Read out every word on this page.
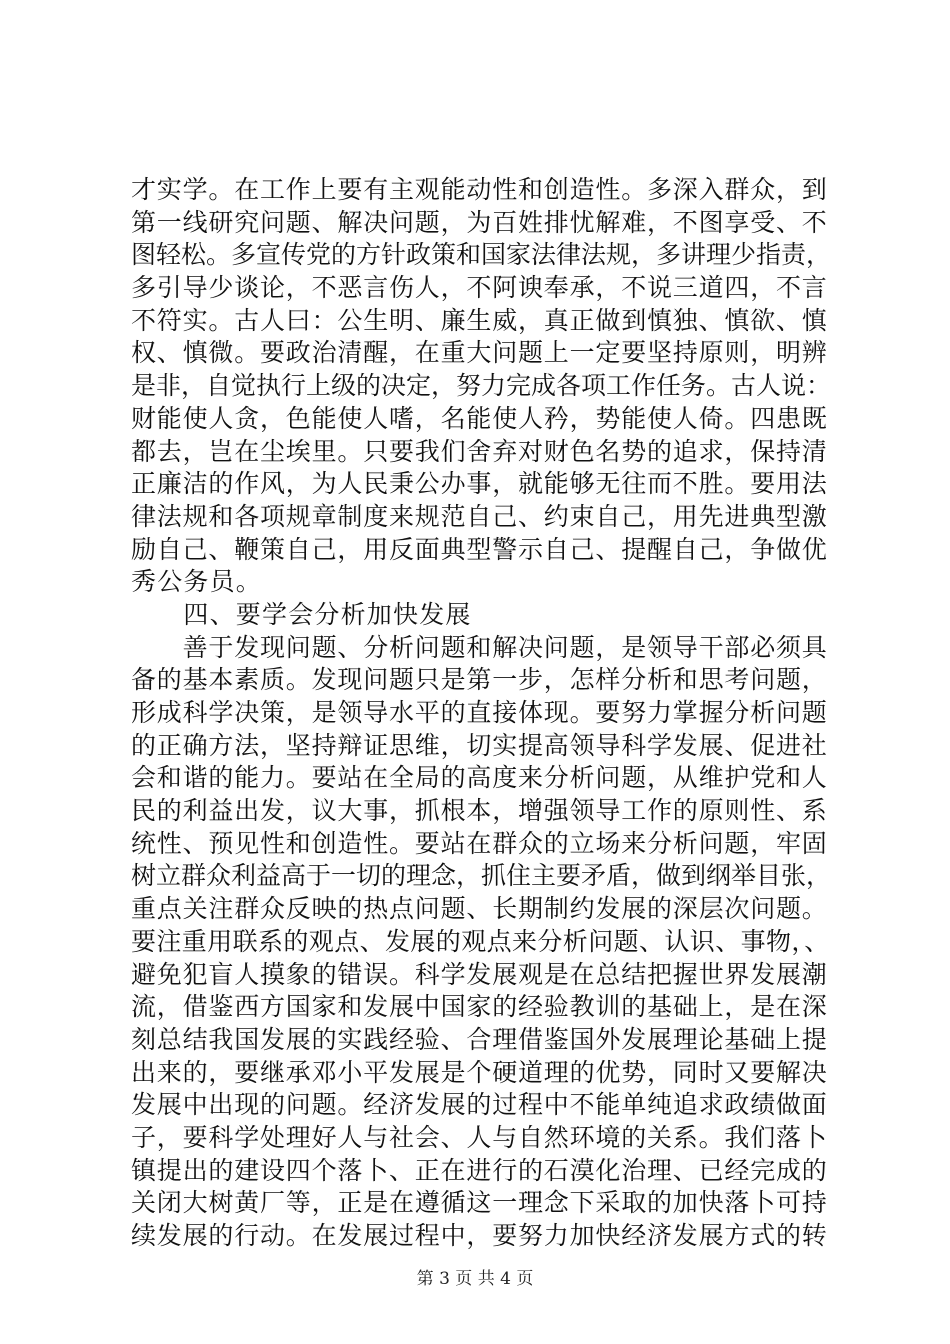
才实学。在工作上要有主观能动性和创造性。多深入群众，到
第一线研究问题、解决问题，为百姓排忧解难，不图享受、不
图轻松。多宣传党的方针政策和国家法律法规，多讲理少指责，
多引导少谈论，不恶言伤人，不阿谀奉承，不说三道四，不言
不符实。古人曰：公生明、廉生威，真正做到慎独、慎欲、慎
权、慎微。要政治清醒，在重大问题上一定要坚持原则，明辨
是非，自觉执行上级的决定，努力完成各项工作任务。古人说：
财能使人贪，色能使人嗜，名能使人矜，势能使人倚。四患既
都去，岂在尘埃里。只要我们舍弃对财色名势的追求，保持清
正廉洁的作风，为人民秉公办事，就能够无往而不胜。要用法
律法规和各项规章制度来规范自己、约束自己，用先进典型激
励自己、鞭策自己，用反面典型警示自己、提醒自己，争做优
秀公务员。
　　四、要学会分析加快发展
　　善于发现问题、分析问题和解决问题，是领导干部必须具
备的基本素质。发现问题只是第一步，怎样分析和思考问题，
形成科学决策，是领导水平的直接体现。要努力掌握分析问题
的正确方法，坚持辩证思维，切实提高领导科学发展、促进社
会和谐的能力。要站在全局的高度来分析问题，从维护党和人
民的利益出发，议大事，抓根本，增强领导工作的原则性、系
统性、预见性和创造性。要站在群众的立场来分析问题，牢固
树立群众利益高于一切的理念，抓住主要矛盾，做到纲举目张，
重点关注群众反映的热点问题、长期制约发展的深层次问题。
要注重用联系的观点、发展的观点来分析问题、认识、事物，、
避免犯盲人摸象的错误。科学发展观是在总结把握世界发展潮
流，借鉴西方国家和发展中国家的经验教训的基础上，是在深
刻总结我国发展的实践经验、合理借鉴国外发展理论基础上提
出来的，要继承邓小平发展是个硬道理的优势，同时又要解决
发展中出现的问题。经济发展的过程中不能单纯追求政绩做面
子，要科学处理好人与社会、人与自然环境的关系。我们落卜
镇提出的建设四个落卜、正在进行的石漠化治理、已经完成的
关闭大树黄厂等，正是在遵循这一理念下采取的加快落卜可持
续发展的行动。在发展过程中，要努力加快经济发展方式的转
第 3 页 共 4 页
